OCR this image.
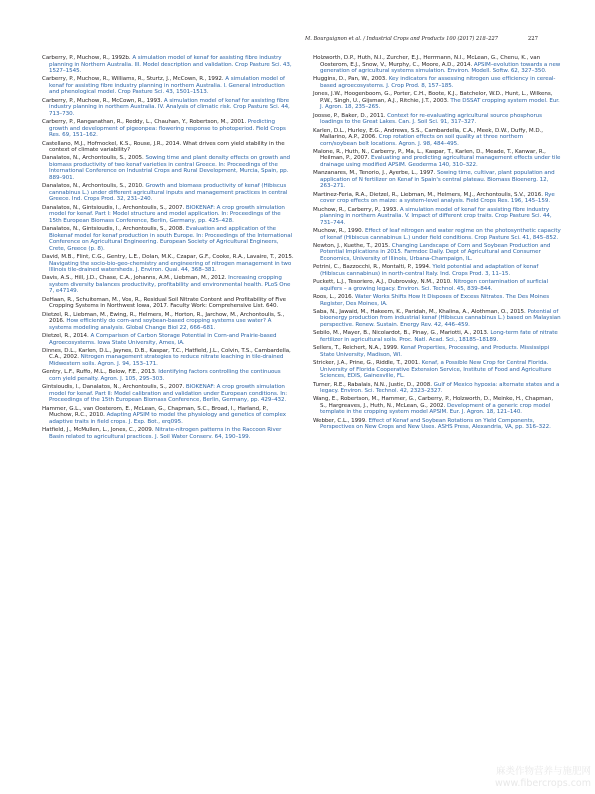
M. Bourguignon et al. / Industrial Crops and Products 100 (2017) 218–227	227
Carberry, P., Muchow, R., 1992b. A simulation model of kenaf for assisting fibre industry planning in Northern Australia. III. Model description and validation. Crop Pasture Sci. 43, 1527–1545.
Carberry, P., Muchow, R., Williams, R., Sturtz, J., McCown, R., 1992. A simulation model of kenaf for assisting fibre industry planning in northern Australia. I. General introduction and phenological model. Crop Pasture Sci. 43, 1501–1513.
Carberry, P., Muchow, R., McCown, R., 1993. A simulation model of kenaf for assisting fibre industry planning in northern Australia. IV. Analysis of climatic risk. Crop Pasture Sci. 44, 713–730.
Carberry, P., Ranganathan, R., Reddy, L., Chauhan, Y., Robertson, M., 2001. Predicting growth and development of pigeonpea: flowering response to photoperiod. Field Crops Res. 69, 151–162.
Castellano, M.J., Hofmockel, K.S., Rouse, J.R., 2014. What drives corn yield stability in the context of climate variability?
Danalatos, N., Archontoulis, S., 2005. Sowing time and plant density effects on growth and biomass productivity of two kenaf varieties in central Greece. In: Proceedings of the International Conference on Industrial Crops and Rural Development, Murcia, Spain, pp. 889–901.
Danalatos, N., Archontoulis, S., 2010. Growth and biomass productivity of kenaf (Hibiscus cannabinus L.) under different agricultural inputs and management practices in central Greece. Ind. Crops Prod. 32, 231–240.
Danalatos, N., Gintsioudis, I., Archontoulis, S., 2007. BIOKENAF: A crop growth simulation model for kenaf. Part I: Model structure and model application. In: Proceedings of the 15th European Biomass Conference, Berlin, Germany, pp. 425–428.
Danalatos, N., Gintsioudis, I., Archontoulis, S., 2008. Evaluation and application of the Biokenaf model for kenaf production in south Europe. In: Proceedings of the International Conference on Agricultural Engineering. European Society of Agricultural Engineers, Crete, Greece (p. 8).
David, M.B., Flint, C.G., Gentry, L.E., Dolan, M.K., Czapar, G.F., Cooke, R.A., Lavaire, T., 2015. Navigating the socio-bio-geo-chemistry and engineering of nitrogen management in two Illinois tile-drained watersheds. J. Environ. Qual. 44, 368–381.
Davis, A.S., Hill, J.D., Chase, C.A., Johanns, A.M., Liebman, M., 2012. Increasing cropping system diversity balances productivity, profitability and environmental health. PLoS One 7, e47149.
DeHaan, R., Schuiteman, M., Vos, R., Residual Soil Nitrate Content and Profitability of Five Cropping Systems in Northwest Iowa, 2017. Faculty Work: Comprehensive List. 640.
Dietzel, R., Liebman, M., Ewing, R., Helmers, M., Horton, R., Jarchow, M., Archontoulis, S., 2016. How efficiently do corn-and soybean-based cropping systems use water? A systems modeling analysis. Global Change Biol 22, 666–681.
Dietzel, R., 2014. A Comparison of Carbon Storage Potential in Corn-and Prairie-based Agroecosystems. Iowa State University, Ames, IA.
Dinnes, D.L., Karlen, D.L., Jaynes, D.B., Kaspar, T.C., Hatfield, J.L., Colvin, T.S., Cambardella, C.A., 2002. Nitrogen management strategies to reduce nitrate leaching in tile-drained Midwestern soils. Agron. J. 94, 153–171.
Gentry, L.F., Ruffo, M.L., Below, F.E., 2013. Identifying factors controlling the continuous corn yield penalty. Agron. J. 105, 295–303.
Gintsioudis, I., Danalatos, N., Archontoulis, S., 2007. BIOKENAF: A crop growth simulation model for kenaf. Part II: Model calibration and validation under European conditions. In: Proceedings of the 15th European Biomass Conference, Berlin, Germany, pp. 429–432.
Hammer, G.L., van Oosterom, E., McLean, G., Chapman, S.C., Broad, I., Harland, P., Muchow, R.C., 2010. Adapting APSIM to model the physiology and genetics of complex adaptive traits in field crops. J. Exp. Bot., erq095.
Hatfield, J., McMullen, L., Jones, C., 2009. Nitrate-nitrogen patterns in the Raccoon River Basin related to agricultural practices. J. Soil Water Conserv. 64, 190–199.
Holzworth, D.P., Huth, N.I., Zurcher, E.J., Herrmann, N.I., McLean, G., Chenu, K., van Oosterom, E.J., Snow, V., Murphy, C., Moore, A.D., 2014. APSIM–evolution towards a new generation of agricultural systems simulation. Environ. Modell. Softw. 62, 327–350.
Huggins, D., Pan, W., 2003. Key indicators for assessing nitrogen use efficiency in cereal-based agroecosystems. J. Crop Prod. 8, 157–185.
Jones, J.W., Hoogenboom, G., Porter, C.H., Boote, K.J., Batchelor, W.D., Hunt, L., Wilkens, P.W., Singh, U., Gijsman, A.J., Ritchie, J.T., 2003. The DSSAT cropping system model. Eur. J. Agron. 18, 235–265.
Joosse, P., Baker, D., 2011. Context for re-evaluating agricultural source phosphorus loadings to the Great Lakes. Can. J. Soil Sci. 91, 317–327.
Karlen, D.L., Hurley, E.G., Andrews, S.S., Cambardella, C.A., Meek, D.W., Duffy, M.D., Mallarino, A.P., 2006. Crop rotation effects on soil quality at three northern corn/soybean belt locations. Agron. J. 98, 484–495.
Malone, R., Huth, N., Carberry, P., Ma, L., Kaspar, T., Karlen, D., Meade, T., Kanwar, R., Heilman, P., 2007. Evaluating and predicting agricultural management effects under tile drainage using modified APSIM. Geoderma 140, 310–322.
Manzanares, M., Tenorio, J., Ayerbe, L., 1997. Sowing time, cultivar, plant population and application of N fertilizer on Kenaf in Spain's central plateau. Biomass Bioenerg. 12, 263–271.
Martinez-Feria, R.A., Dietzel, R., Liebman, M., Helmers, M.J., Archontoulis, S.V., 2016. Rye cover crop effects on maize: a system-level analysis. Field Crops Res. 196, 145–159.
Muchow, R., Carberry, P., 1993. A simulation model of kenaf for assisting fibre industry planning in northern Australia. V. Impact of different crop traits. Crop Pasture Sci. 44, 731–744.
Muchow, R., 1990. Effect of leaf nitrogen and water regime on the photosynthetic capacity of kenaf (Hibiscus cannabinus L.) under field conditions. Crop Pasture Sci. 41, 845–852.
Newton, J., Kuethe, T., 2015. Changing Landscape of Corn and Soybean Production and Potential Implications in 2015. Farmdoc Daily. Dept of Agricultural and Consumer Economics, University of Illinois, Urbana-Champaign, IL.
Petrini, C., Bazzocchi, R., Montalti, P., 1994. Yield potential and adaptation of kenaf (Hibiscus cannabinus) in north-central Italy. Ind. Crops Prod. 3, 11–15.
Puckett, L.J., Tesoriero, A.J., Dubrovsky, N.M., 2010. Nitrogen contamination of surficial aquifers – a growing legacy. Environ. Sci. Technol. 45, 839–844.
Roos, L., 2016. Water Works Shifts How It Disposes of Excess Nitrates. The Des Moines Register, Des Moines, IA.
Saba, N., Jawaid, M., Hakeem, K., Paridah, M., Khalina, A., Alothman, O., 2015. Potential of bioenergy production from industrial kenaf (Hibiscus cannabinus L.) based on Malaysian perspective. Renew. Sustain. Energy Rev. 42, 446–459.
Sebilo, M., Mayer, B., Nicolardot, B., Pinay, G., Mariotti, A., 2013. Long-term fate of nitrate fertilizer in agricultural soils. Proc. Natl. Acad. Sci., 18185–18189.
Sellers, T., Reichert, N.A., 1999. Kenaf Properties, Processing, and Products. Mississippi State University, Madison, WI.
Stricker, J.A., Prine, G., Riddle, T., 2001. Kenaf, a Possible New Crop for Central Florida. University of Florida Cooperative Extension Service, Institute of Food and Agriculture Sciences, EDIS, Gainesville, FL.
Turner, R.E., Rabalais, N.N., Justic, D., 2008. Gulf of Mexico hypoxia: alternate states and a legacy. Environ. Sci. Technol. 42, 2323–2327.
Wang, E., Robertson, M., Hammer, G., Carberry, P., Holzworth, D., Meinke, H., Chapman, S., Hargreaves, J., Huth, N., McLean, G., 2002. Development of a generic crop model template in the cropping system model APSIM. Eur. J. Agron. 18, 121–140.
Webber, C.L., 1999. Effect of Kenaf and Soybean Rotations on Yield Components, Perspectives on New Crops and New Uses. ASHS Press, Alexandria, VA, pp. 316–322.
麻类作物营养与施肥网
www.fibercrops.com
